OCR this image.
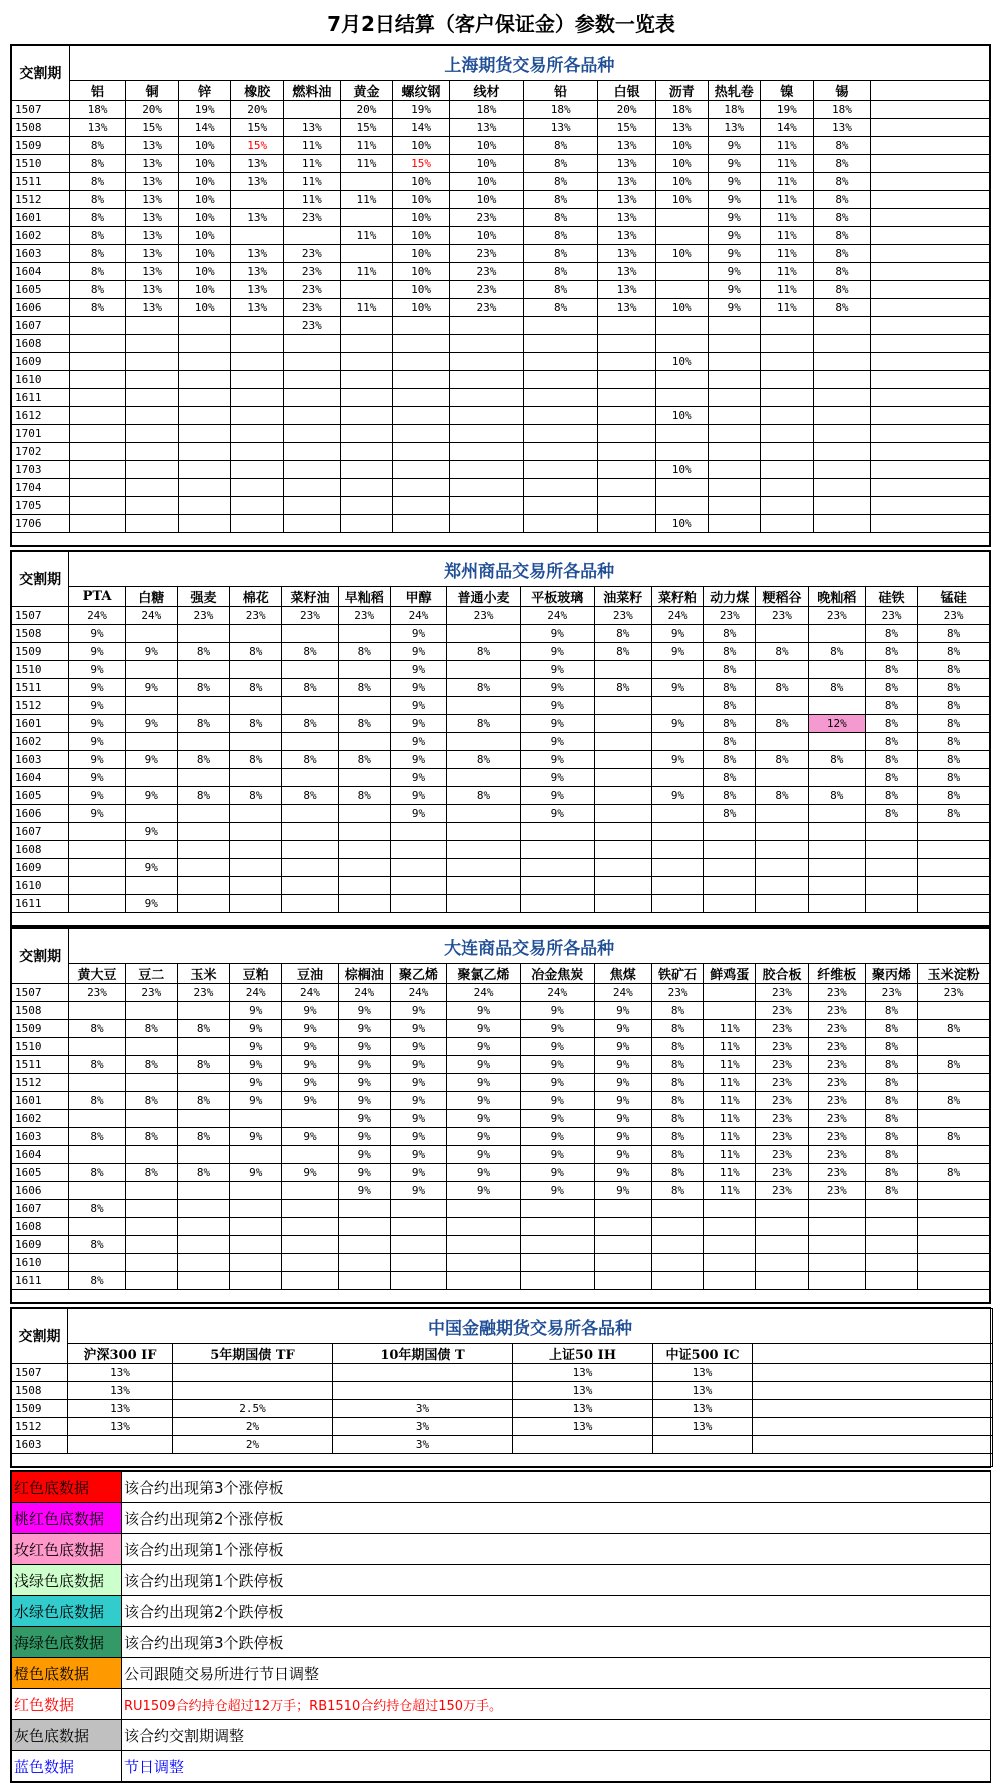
7月2日结算（客户保证金）参数一览表
交割期	上海期货交易所各品种														
	铝	铜	锌	橡胶	燃料油	黄金	螺纹钢	线材	铅	白银	沥青	热轧卷	镍	锡	
1507	18%	20%	19%	20%		20%	19%	18%	18%	20%	18%	18%	19%	18%	
1508	13%	15%	14%	15%	13%	15%	14%	13%	13%	15%	13%	13%	14%	13%	
1509	8%	13%	10%	15%	11%	11%	10%	10%	8%	13%	10%	9%	11%	8%	
1510	8%	13%	10%	13%	11%	11%	15%	10%	8%	13%	10%	9%	11%	8%	
1511	8%	13%	10%	13%	11%		10%	10%	8%	13%	10%	9%	11%	8%	
1512	8%	13%	10%		11%	11%	10%	10%	8%	13%	10%	9%	11%	8%	
1601	8%	13%	10%	13%	23%		10%	23%	8%	13%		9%	11%	8%	
1602	8%	13%	10%			11%	10%	10%	8%	13%		9%	11%	8%	
1603	8%	13%	10%	13%	23%		10%	23%	8%	13%	10%	9%	11%	8%	
1604	8%	13%	10%	13%	23%	11%	10%	23%	8%	13%		9%	11%	8%	
1605	8%	13%	10%	13%	23%		10%	23%	8%	13%		9%	11%	8%	
1606	8%	13%	10%	13%	23%	11%	10%	23%	8%	13%	10%	9%	11%	8%	
1607					23%										
1608															
1609											10%				
1610															
1611															
1612											10%				
1701															
1702															
1703											10%				
1704															
1705															
1706											10%				

交割期	郑州商品交易所各品种															
	PTA	白糖	强麦	棉花	菜籽油	早籼稻	甲醇	普通小麦	平板玻璃	油菜籽	菜籽粕	动力煤	粳稻谷	晚籼稻	硅铁	锰硅
1507	24%	24%	23%	23%	23%	23%	24%	23%	24%	23%	24%	23%	23%	23%	23%	23%
1508	9%						9%		9%	8%	9%	8%			8%	8%
1509	9%	9%	8%	8%	8%	8%	9%	8%	9%	8%	9%	8%	8%	8%	8%	8%
1510	9%						9%		9%			8%			8%	8%
1511	9%	9%	8%	8%	8%	8%	9%	8%	9%	8%	9%	8%	8%	8%	8%	8%
1512	9%						9%		9%			8%			8%	8%
1601	9%	9%	8%	8%	8%	8%	9%	8%	9%		9%	8%	8%	12%	8%	8%
1602	9%						9%		9%			8%			8%	8%
1603	9%	9%	8%	8%	8%	8%	9%	8%	9%		9%	8%	8%	8%	8%	8%
1604	9%						9%		9%			8%			8%	8%
1605	9%	9%	8%	8%	8%	8%	9%	8%	9%		9%	8%	8%	8%	8%	8%
1606	9%						9%		9%			8%			8%	8%
1607		9%														
1608																
1609		9%														
1610																
1611		9%														

交割期	大连商品交易所各品种															
	黄大豆	豆二	玉米	豆粕	豆油	棕榈油	聚乙烯	聚氯乙烯	冶金焦炭	焦煤	铁矿石	鲜鸡蛋	胶合板	纤维板	聚丙烯	玉米淀粉
1507	23%	23%	23%	24%	24%	24%	24%	24%	24%	24%	23%		23%	23%	23%	23%
1508				9%	9%	9%	9%	9%	9%	9%	8%		23%	23%	8%	
1509	8%	8%	8%	9%	9%	9%	9%	9%	9%	9%	8%	11%	23%	23%	8%	8%
1510				9%	9%	9%	9%	9%	9%	9%	8%	11%	23%	23%	8%	
1511	8%	8%	8%	9%	9%	9%	9%	9%	9%	9%	8%	11%	23%	23%	8%	8%
1512				9%	9%	9%	9%	9%	9%	9%	8%	11%	23%	23%	8%	
1601	8%	8%	8%	9%	9%	9%	9%	9%	9%	9%	8%	11%	23%	23%	8%	8%
1602						9%	9%	9%	9%	9%	8%	11%	23%	23%	8%	
1603	8%	8%	8%	9%	9%	9%	9%	9%	9%	9%	8%	11%	23%	23%	8%	8%
1604						9%	9%	9%	9%	9%	8%	11%	23%	23%	8%	
1605	8%	8%	8%	9%	9%	9%	9%	9%	9%	9%	8%	11%	23%	23%	8%	8%
1606						9%	9%	9%	9%	9%	8%	11%	23%	23%	8%	
1607	8%															
1608																
1609	8%															
1610																
1611	8%															

交割期	中国金融期货交易所各品种					
	沪深300 IF	5年期国债 TF	10年期国债 T	上证50 IH	中证500 IC	
1507	13%			13%	13%	
1508	13%			13%	13%	
1509	13%	2.5%	3%	13%	13%	
1512	13%	2%	3%	13%	13%	
1603		2%	3%			

红色底数据	该合约出现第3个涨停板
桃红色底数据	该合约出现第2个涨停板
玫红色底数据	该合约出现第1个涨停板
浅绿色底数据	该合约出现第1个跌停板
水绿色底数据	该合约出现第2个跌停板
海绿色底数据	该合约出现第3个跌停板
橙色底数据	公司跟随交易所进行节日调整
红色数据	RU1509合约持仓超过12万手；RB1510合约持仓超过150万手。
灰色底数据	该合约交割期调整
蓝色数据	节日调整
